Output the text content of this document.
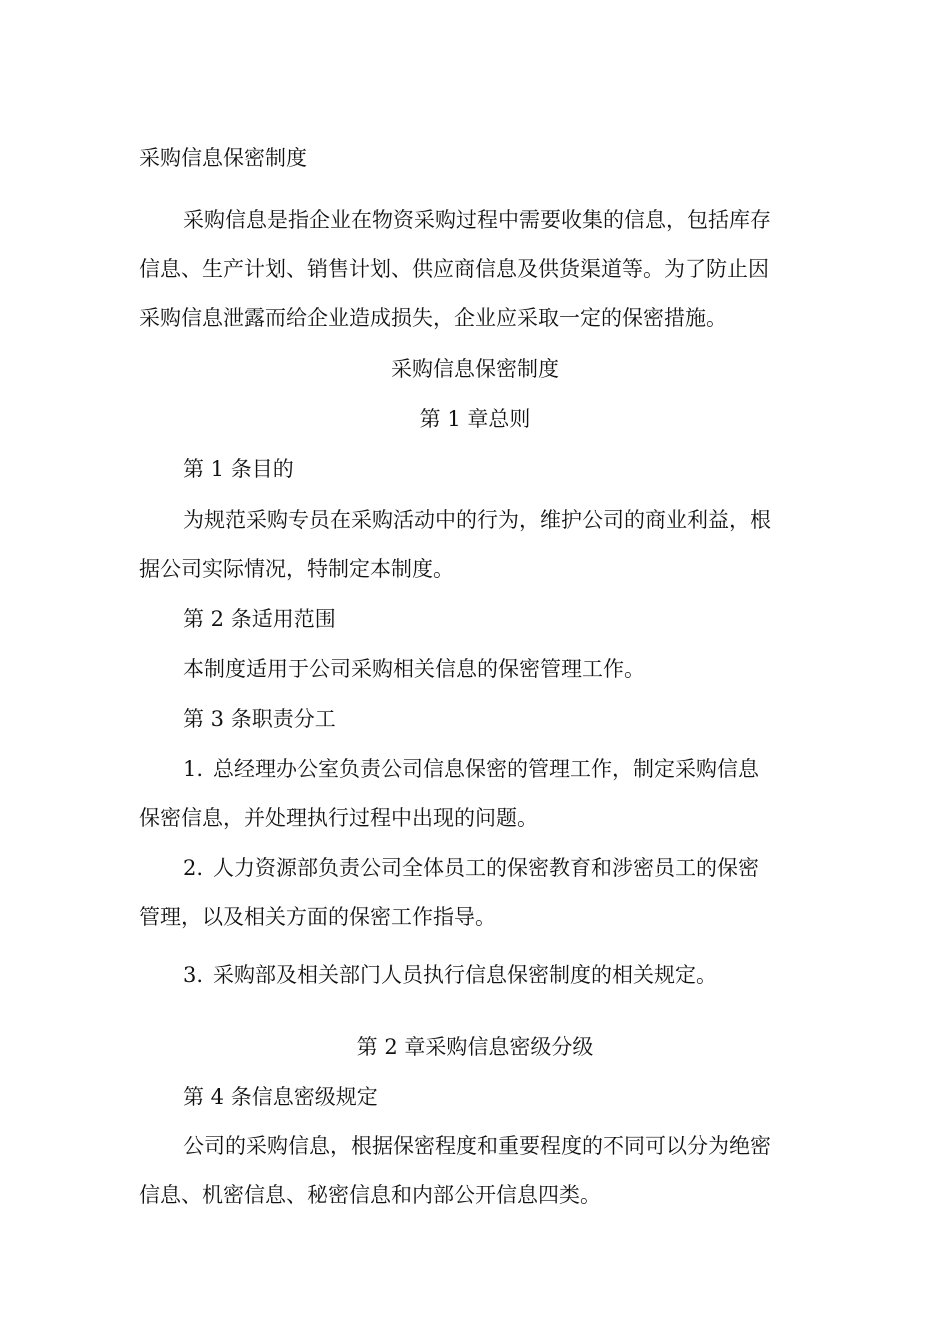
采购信息保密制度

采购信息是指企业在物资采购过程中需要收集的信息，包括库存

信息、生产计划、销售计划、供应商信息及供货渠道等。为了防止因

采购信息泄露而给企业造成损失，企业应采取一定的保密措施。

采购信息保密制度

第 1 章总则

第 1 条目的

为规范采购专员在采购活动中的行为，维护公司的商业利益，根

据公司实际情况，特制定本制度。

第 2 条适用范围

本制度适用于公司采购相关信息的保密管理工作。

第 3 条职责分工

1. 总经理办公室负责公司信息保密的管理工作，制定采购信息

保密信息，并处理执行过程中出现的问题。

2. 人力资源部负责公司全体员工的保密教育和涉密员工的保密

管理，以及相关方面的保密工作指导。

3. 采购部及相关部门人员执行信息保密制度的相关规定。

第 2 章采购信息密级分级

第 4 条信息密级规定

公司的采购信息，根据保密程度和重要程度的不同可以分为绝密

信息、机密信息、秘密信息和内部公开信息四类。
